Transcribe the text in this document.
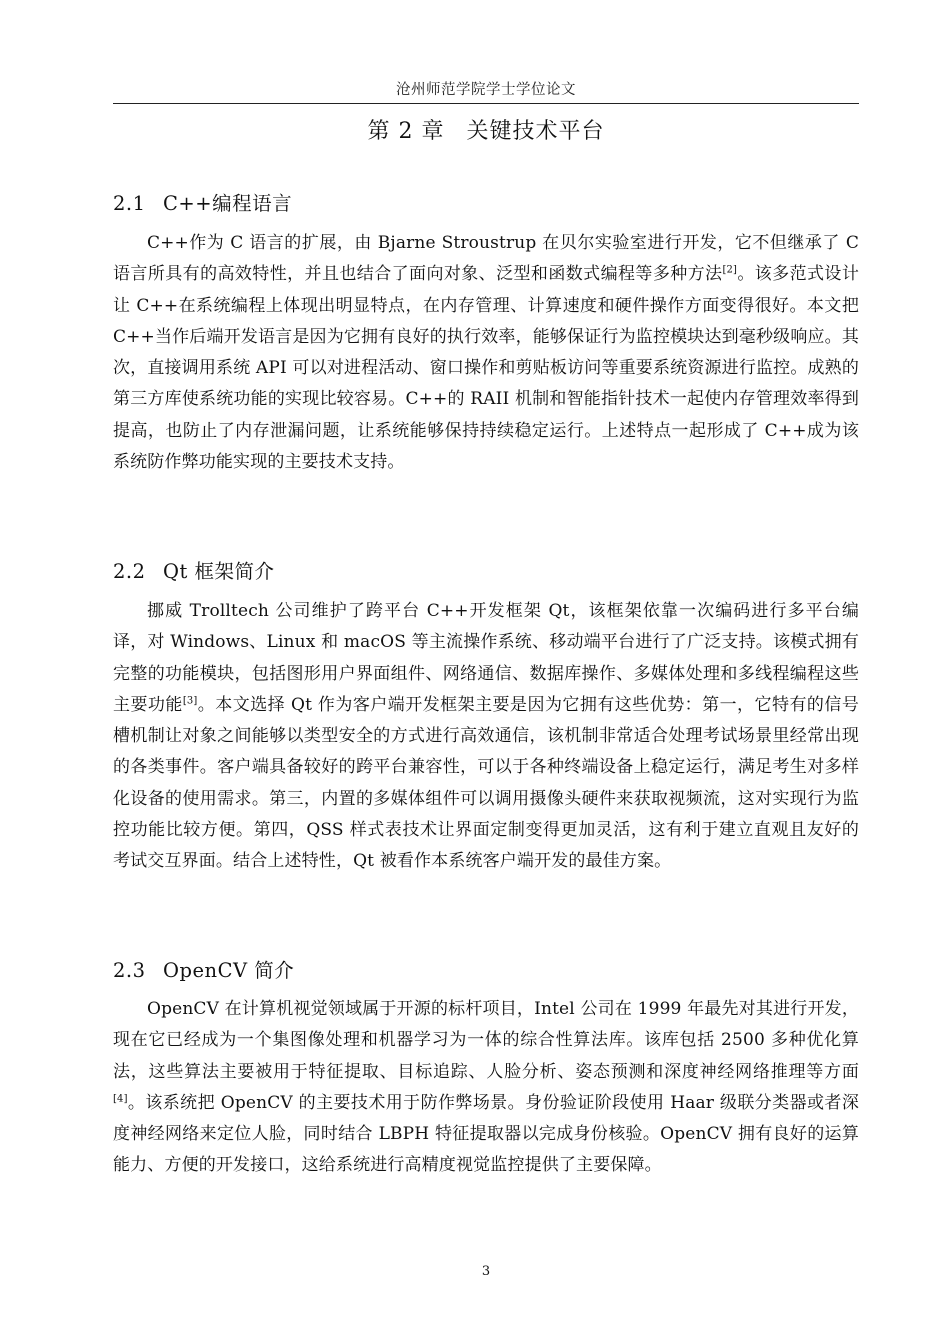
沧州师范学院学士学位论文
第 2 章 关键技术平台
2.1 C++编程语言

C++作为 C 语言的扩展，由 Bjarne Stroustrup 在贝尔实验室进行开发，它不但继承了 C 语言所具有的高效特性，并且也结合了面向对象、泛型和函数式编程等多种方法[2]。该多范式设计让 C++在系统编程上体现出明显特点，在内存管理、计算速度和硬件操作方面变得很好。本文把 C++当作后端开发语言是因为它拥有良好的执行效率，能够保证行为监控模块达到毫秒级响应。其次，直接调用系统 API 可以对进程活动、窗口操作和剪贴板访问等重要系统资源进行监控。成熟的第三方库使系统功能的实现比较容易。C++的 RAII 机制和智能指针技术一起使内存管理效率得到提高，也防止了内存泄漏问题，让系统能够保持持续稳定运行。上述特点一起形成了 C++成为该系统防作弊功能实现的主要技术支持。

2.2 Qt 框架简介

挪威 Trolltech 公司维护了跨平台 C++开发框架 Qt，该框架依靠一次编码进行多平台编译，对 Windows、Linux 和 macOS 等主流操作系统、移动端平台进行了广泛支持。该模式拥有完整的功能模块，包括图形用户界面组件、网络通信、数据库操作、多媒体处理和多线程编程这些主要功能[3]。本文选择 Qt 作为客户端开发框架主要是因为它拥有这些优势：第一，它特有的信号槽机制让对象之间能够以类型安全的方式进行高效通信，该机制非常适合处理考试场景里经常出现的各类事件。客户端具备较好的跨平台兼容性，可以于各种终端设备上稳定运行，满足考生对多样化设备的使用需求。第三，内置的多媒体组件可以调用摄像头硬件来获取视频流，这对实现行为监控功能比较方便。第四，QSS 样式表技术让界面定制变得更加灵活，这有利于建立直观且友好的考试交互界面。结合上述特性，Qt 被看作本系统客户端开发的最佳方案。

2.3 OpenCV 简介

OpenCV 在计算机视觉领域属于开源的标杆项目，Intel 公司在 1999 年最先对其进行开发，现在它已经成为一个集图像处理和机器学习为一体的综合性算法库。该库包括 2500 多种优化算法，这些算法主要被用于特征提取、目标追踪、人脸分析、姿态预测和深度神经网络推理等方面[4]。该系统把 OpenCV 的主要技术用于防作弊场景。身份验证阶段使用 Haar 级联分类器或者深度神经网络来定位人脸，同时结合 LBPH 特征提取器以完成身份核验。OpenCV 拥有良好的运算能力、方便的开发接口，这给系统进行高精度视觉监控提供了主要保障。

3
